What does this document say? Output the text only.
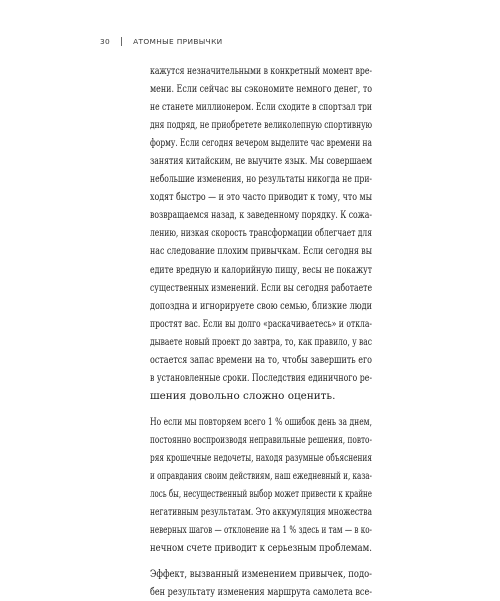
30	АТОМНЫЕ ПРИВЫЧКИ

кажутся незначительными в конкретный момент вре-
мени. Если сейчас вы сэкономите немного денег, то
не станете миллионером. Если сходите в спортзал три
дня подряд, не приобретете великолепную спортивную
форму. Если сегодня вечером выделите час времени на
занятия китайским, не выучите язык. Мы совершаем
небольшие изменения, но результаты никогда не при-
ходят быстро — и это часто приводит к тому, что мы
возвращаемся назад, к заведенному порядку. К сожа-
лению, низкая скорость трансформации облегчает для
нас следование плохим привычкам. Если сегодня вы
едите вредную и калорийную пищу, весы не покажут
существенных изменений. Если вы сегодня работаете
допоздна и игнорируете свою семью, близкие люди
простят вас. Если вы долго «раскачиваетесь» и откла-
дываете новый проект до завтра, то, как правило, у вас
остается запас времени на то, чтобы завершить его
в установленные сроки. Последствия единичного ре-
шения довольно сложно оценить.

Но если мы повторяем всего 1 % ошибок день за днем,
постоянно воспроизводя неправильные решения, повто-
ряя крошечные недочеты, находя разумные объяснения
и оправдания своим действиям, наш ежедневный и, каза-
лось бы, несущественный выбор может привести к крайне
негативным результатам. Это аккумуляция множества
неверных шагов — отклонение на 1 % здесь и там — в ко-
нечном счете приводит к серьезным проблемам.

Эффект, вызванный изменением привычек, подо-
бен результату изменения маршрута самолета все-
